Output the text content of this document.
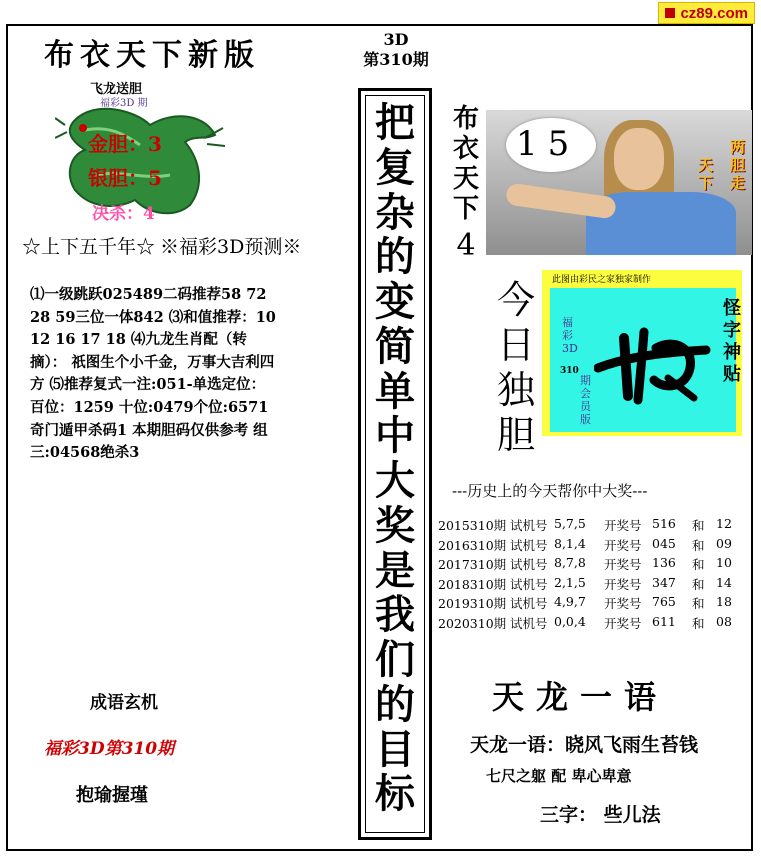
cz89.com
布衣天下新版	3D
第310期
飞龙送胆
福彩3D 期
金胆：3
银胆：5
决杀：4
☆上下五千年☆ ※福彩3D预测※
⑴一级跳跃025489二码推荐58 72 28 59三位一体842 ⑶和值推荐：10 12 16 17 18 ⑷九龙生肖配（转摘）： 祇图生个小千金，万事大吉利四方 ⑸推荐复式一注:051-单选定位：百位：1259 十位:0479个位:6571奇门遁甲杀码1 本期胆码仅供参考 组三:04568绝杀3
成语玄机
福彩3D第310期
抱瑜握瑾
把
复
杂
的
变
简
单
中
大
奖
是
我
们
的
目
标
布
衣
天
下
4
15
天下
两胆走
今
日
独
胆
此图由彩民之家独家制作
福彩3D
310
期会员版
怪
字
神
贴
---历史上的今天帮你中大奖---
2015310期 试机号 5,7,5	开奖号 516	和 12
2016310期 试机号 8,1,4	开奖号 045	和 09
2017310期 试机号 8,7,8	开奖号 136	和 10
2018310期 试机号 2,1,5	开奖号 347	和 14
2019310期 试机号 4,9,7	开奖号 765	和 18
2020310期 试机号 0,0,4	开奖号 611	和 08
天龙一语
天龙一语：晓风飞雨生苔钱
七尺之躯 配 卑心卑意
三字： 些儿法
